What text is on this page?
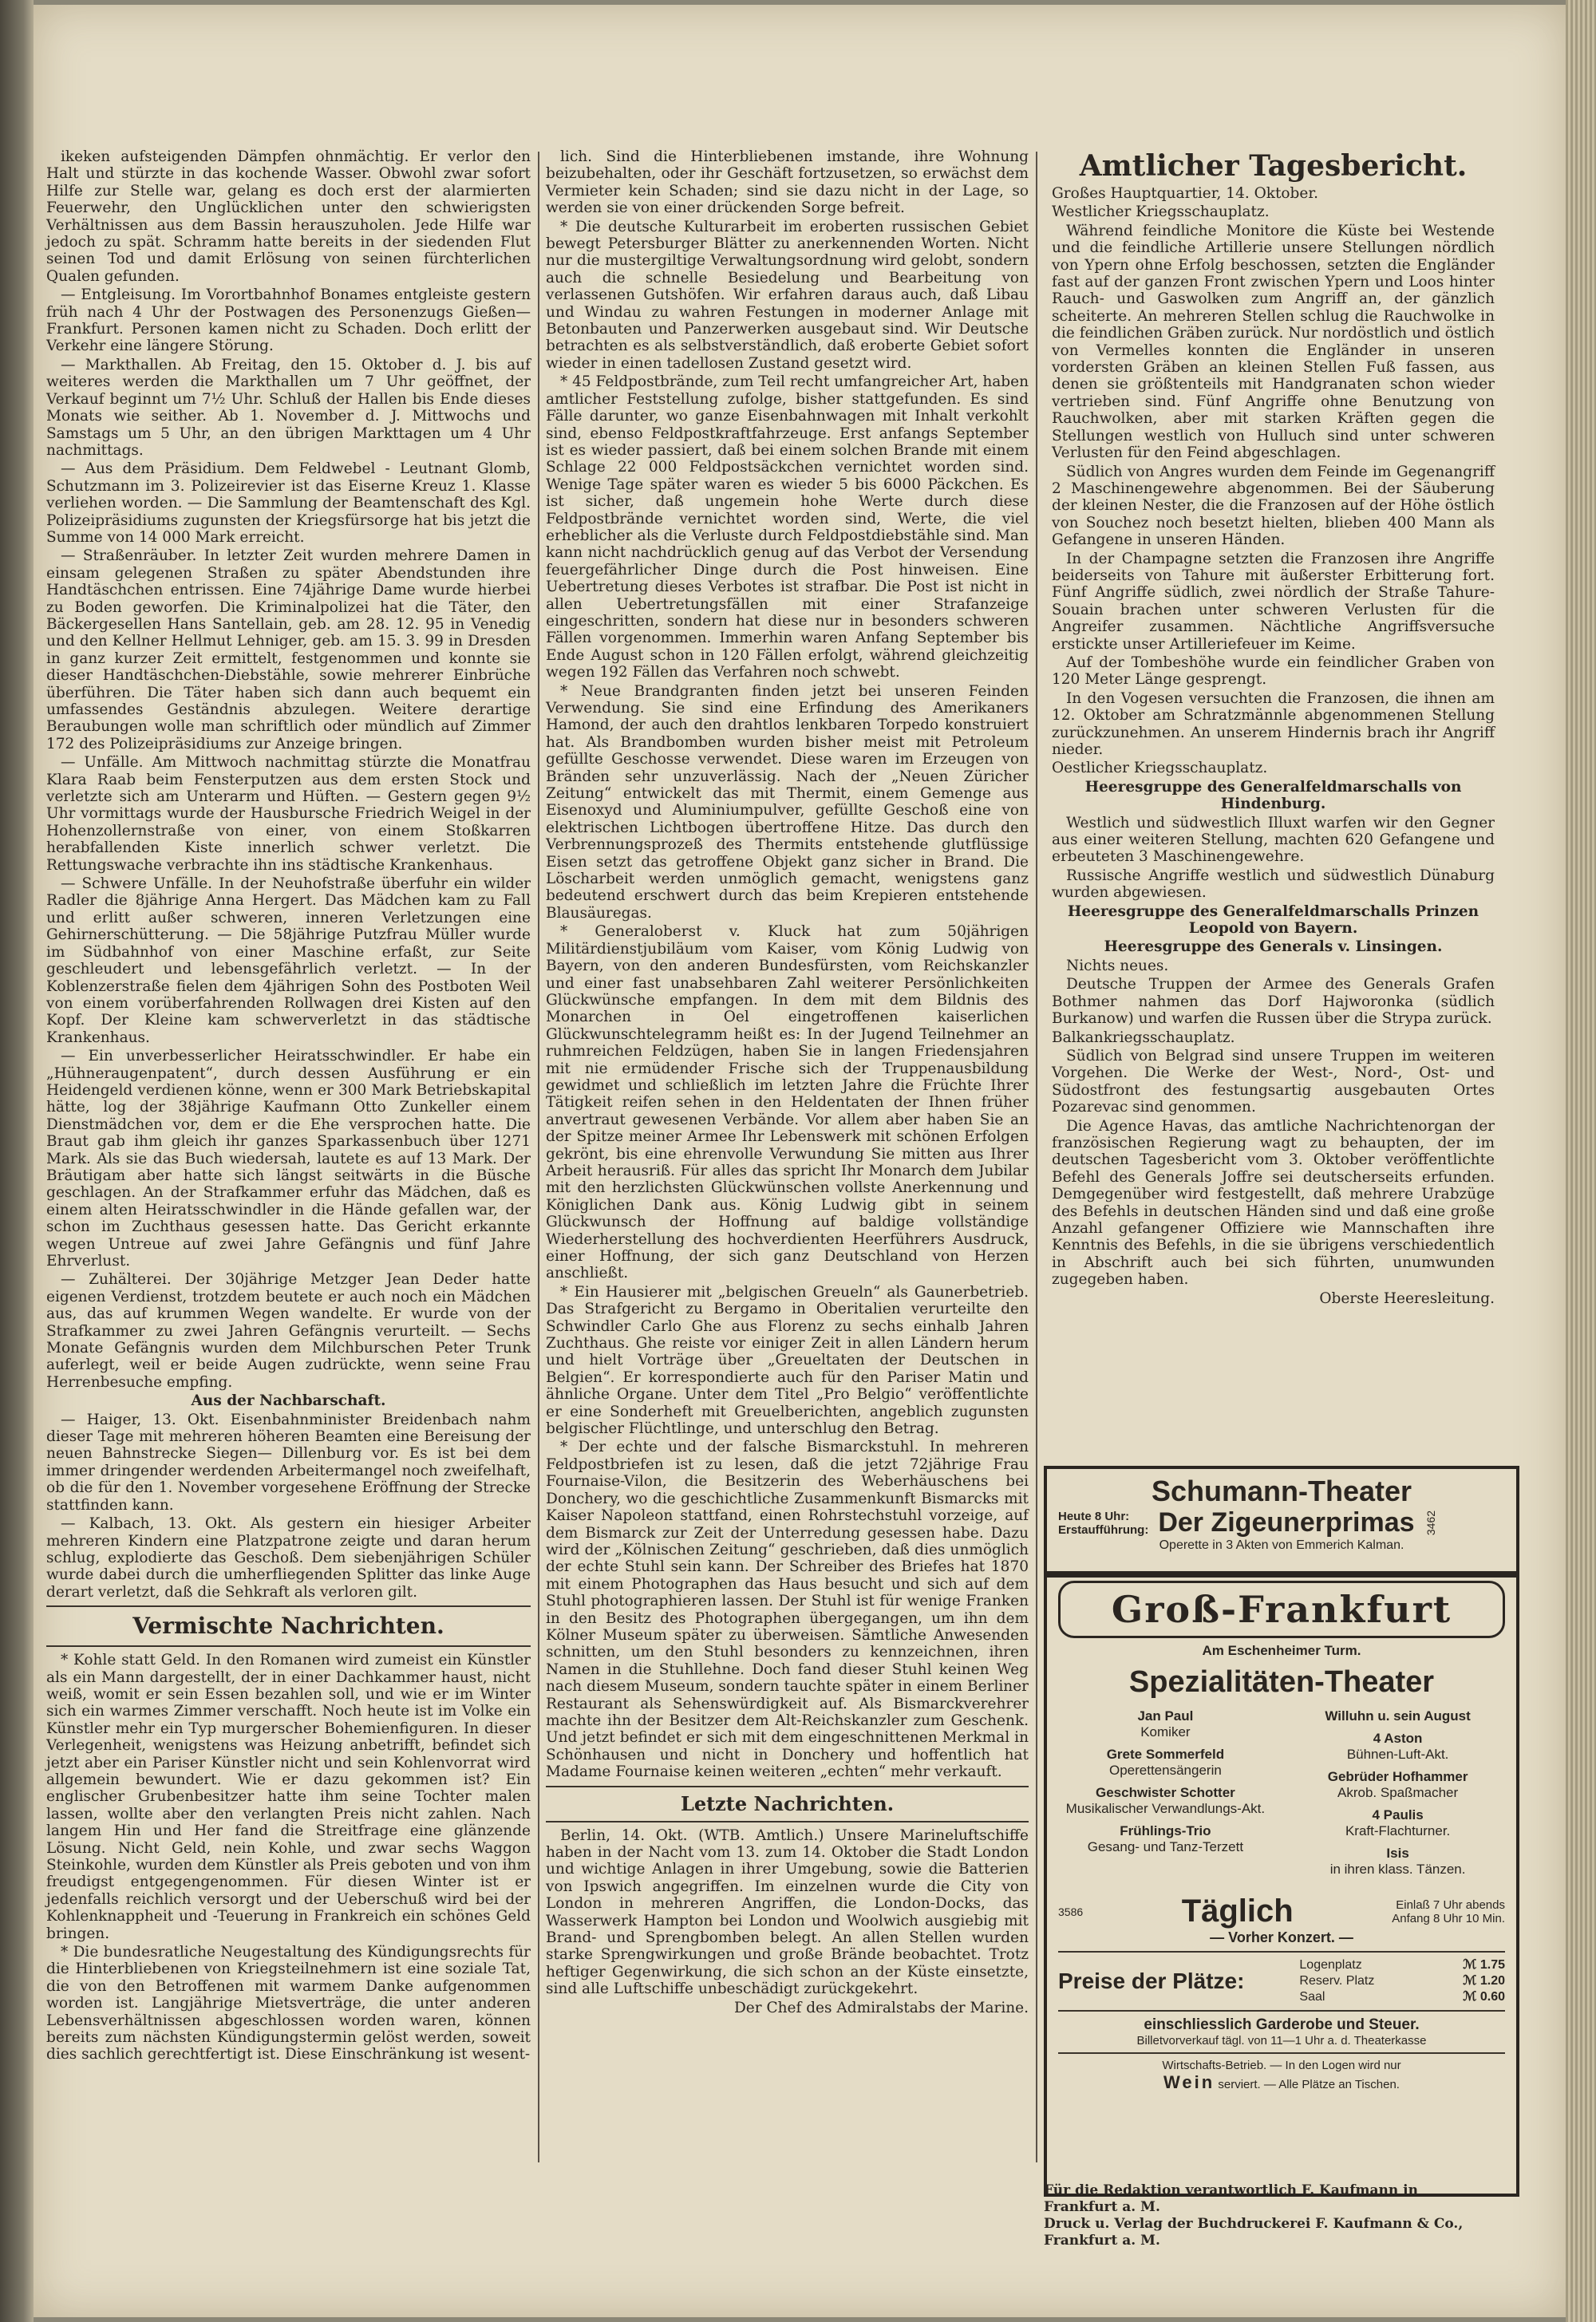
ikeken aufsteigenden Dämpfen ohnmächtig. Er verlor den Halt und stürzte in das kochende Wasser. Obwohl zwar sofort Hilfe zur Stelle war, gelang es doch erst der alarmierten Feuerwehr, den Unglücklichen unter den schwierigsten Verhältnissen aus dem Bassin herauszuholen. Jede Hilfe war jedoch zu spät. Schramm hatte bereits in der siedenden Flut seinen Tod und damit Erlösung von seinen fürchterlichen Qualen gefunden.

— Entgleisung. Im Vorortbahnhof Bonames entgleiste gestern früh nach 4 Uhr der Postwagen des Personenzugs Gießen—Frankfurt. Personen kamen nicht zu Schaden. Doch erlitt der Verkehr eine längere Störung.

— Markthallen. Ab Freitag, den 15. Oktober d. J. bis auf weiteres werden die Markthallen um 7 Uhr geöffnet, der Verkauf beginnt um 7½ Uhr. Schluß der Hallen bis Ende dieses Monats wie seither. Ab 1. November d. J. Mittwochs und Samstags um 5 Uhr, an den übrigen Markttagen um 4 Uhr nachmittags.

— Aus dem Präsidium. Dem Feldwebel - Leutnant Glomb, Schutzmann im 3. Polizeirevier ist das Eiserne Kreuz 1. Klasse verliehen worden. — Die Sammlung der Beamtenschaft des Kgl. Polizeipräsidiums zugunsten der Kriegsfürsorge hat bis jetzt die Summe von 14 000 Mark erreicht.

— Straßenräuber. In letzter Zeit wurden mehrere Damen in einsam gelegenen Straßen zu später Abendstunden ihre Handtäschchen entrissen. Eine 74jährige Dame wurde hierbei zu Boden geworfen. Die Kriminalpolizei hat die Täter, den Bäckergesellen Hans Santellain, geb. am 28. 12. 95 in Venedig und den Kellner Hellmut Lehniger, geb. am 15. 3. 99 in Dresden in ganz kurzer Zeit ermittelt, festgenommen und konnte sie dieser Handtäschchen-Diebstähle, sowie mehrerer Einbrüche überführen. Die Täter haben sich dann auch bequemt ein umfassendes Geständnis abzulegen. Weitere derartige Beraubungen wolle man schriftlich oder mündlich auf Zimmer 172 des Polizeipräsidiums zur Anzeige bringen.

— Unfälle. Am Mittwoch nachmittag stürzte die Monatfrau Klara Raab beim Fensterputzen aus dem ersten Stock und verletzte sich am Unterarm und Hüften. — Gestern gegen 9½ Uhr vormittags wurde der Hausbursche Friedrich Weigel in der Hohenzollernstraße von einer, von einem Stoßkarren herabfallenden Kiste innerlich schwer verletzt. Die Rettungswache verbrachte ihn ins städtische Krankenhaus.

— Schwere Unfälle. In der Neuhofstraße überfuhr ein wilder Radler die 8jährige Anna Hergert. Das Mädchen kam zu Fall und erlitt außer schweren, inneren Verletzungen eine Gehirnerschütterung. — Die 58jährige Putzfrau Müller wurde im Südbahnhof von einer Maschine erfaßt, zur Seite geschleudert und lebensgefährlich verletzt. — In der Koblenzerstraße fielen dem 4jährigen Sohn des Postboten Weil von einem vorüberfahrenden Rollwagen drei Kisten auf den Kopf. Der Kleine kam schwerverletzt in das städtische Krankenhaus.

— Ein unverbesserlicher Heiratsschwindler. Er habe ein „Hühneraugenpatent“, durch dessen Ausführung er ein Heidengeld verdienen könne, wenn er 300 Mark Betriebskapital hätte, log der 38jährige Kaufmann Otto Zunkeller einem Dienstmädchen vor, dem er die Ehe versprochen hatte. Die Braut gab ihm gleich ihr ganzes Sparkassenbuch über 1271 Mark. Als sie das Buch wiedersah, lautete es auf 13 Mark. Der Bräutigam aber hatte sich längst seitwärts in die Büsche geschlagen. An der Strafkammer erfuhr das Mädchen, daß es einem alten Heiratsschwindler in die Hände gefallen war, der schon im Zuchthaus gesessen hatte. Das Gericht erkannte wegen Untreue auf zwei Jahre Gefängnis und fünf Jahre Ehrverlust.

— Zuhälterei. Der 30jährige Metzger Jean Deder hatte eigenen Verdienst, trotzdem beutete er auch noch ein Mädchen aus, das auf krummen Wegen wandelte. Er wurde von der Strafkammer zu zwei Jahren Gefängnis verurteilt. — Sechs Monate Gefängnis wurden dem Milchburschen Peter Trunk auferlegt, weil er beide Augen zudrückte, wenn seine Frau Herrenbesuche empfing.

Aus der Nachbarschaft.

— Haiger, 13. Okt. Eisenbahnminister Breidenbach nahm dieser Tage mit mehreren höheren Beamten eine Bereisung der neuen Bahnstrecke Siegen— Dillenburg vor. Es ist bei dem immer dringender werdenden Arbeitermangel noch zweifelhaft, ob die für den 1. November vorgesehene Eröffnung der Strecke stattfinden kann.

— Kalbach, 13. Okt. Als gestern ein hiesiger Arbeiter mehreren Kindern eine Platzpatrone zeigte und daran herum schlug, explodierte das Geschoß. Dem siebenjährigen Schüler wurde dabei durch die umherfliegenden Splitter das linke Auge derart verletzt, daß die Sehkraft als verloren gilt.

Vermischte Nachrichten.

* Kohle statt Geld. In den Romanen wird zumeist ein Künstler als ein Mann dargestellt, der in einer Dachkammer haust, nicht weiß, womit er sein Essen bezahlen soll, und wie er im Winter sich ein warmes Zimmer verschafft. Noch heute ist im Volke ein Künstler mehr ein Typ murgerscher Bohemienfiguren. In dieser Verlegenheit, wenigstens was Heizung anbetrifft, befindet sich jetzt aber ein Pariser Künstler nicht und sein Kohlenvorrat wird allgemein bewundert. Wie er dazu gekommen ist? Ein englischer Grubenbesitzer hatte ihm seine Tochter malen lassen, wollte aber den verlangten Preis nicht zahlen. Nach langem Hin und Her fand die Streitfrage eine glänzende Lösung. Nicht Geld, nein Kohle, und zwar sechs Waggon Steinkohle, wurden dem Künstler als Preis geboten und von ihm freudigst entgegengenommen. Für diesen Winter ist er jedenfalls reichlich versorgt und der Ueberschuß wird bei der Kohlenknappheit und -Teuerung in Frankreich ein schönes Geld bringen.

* Die bundesratliche Neugestaltung des Kündigungsrechts für die Hinterbliebenen von Kriegsteilnehmern ist eine soziale Tat, die von den Betroffenen mit warmem Danke aufgenommen worden ist. Langjährige Mietsverträge, die unter anderen Lebensverhältnissen abgeschlossen worden waren, können bereits zum nächsten Kündigungstermin gelöst werden, soweit dies sachlich gerechtfertigt ist. Diese Einschränkung ist wesent-

lich. Sind die Hinterbliebenen imstande, ihre Wohnung beizubehalten, oder ihr Geschäft fortzusetzen, so erwächst dem Vermieter kein Schaden; sind sie dazu nicht in der Lage, so werden sie von einer drückenden Sorge befreit.

* Die deutsche Kulturarbeit im eroberten russischen Gebiet bewegt Petersburger Blätter zu anerkennenden Worten. Nicht nur die mustergiltige Verwaltungsordnung wird gelobt, sondern auch die schnelle Besiedelung und Bearbeitung von verlassenen Gutshöfen. Wir erfahren daraus auch, daß Libau und Windau zu wahren Festungen in moderner Anlage mit Betonbauten und Panzerwerken ausgebaut sind. Wir Deutsche betrachten es als selbstverständlich, daß eroberte Gebiet sofort wieder in einen tadellosen Zustand gesetzt wird.

* 45 Feldpostbrände, zum Teil recht umfangreicher Art, haben amtlicher Feststellung zufolge, bisher stattgefunden. Es sind Fälle darunter, wo ganze Eisenbahnwagen mit Inhalt verkohlt sind, ebenso Feldpostkraftfahrzeuge. Erst anfangs September ist es wieder passiert, daß bei einem solchen Brande mit einem Schlage 22 000 Feldpostsäckchen vernichtet worden sind. Wenige Tage später waren es wieder 5 bis 6000 Päckchen. Es ist sicher, daß ungemein hohe Werte durch diese Feldpostbrände vernichtet worden sind, Werte, die viel erheblicher als die Verluste durch Feldpostdiebstähle sind. Man kann nicht nachdrücklich genug auf das Verbot der Versendung feuergefährlicher Dinge durch die Post hinweisen. Eine Uebertretung dieses Verbotes ist strafbar. Die Post ist nicht in allen Uebertretungsfällen mit einer Strafanzeige eingeschritten, sondern hat diese nur in besonders schweren Fällen vorgenommen. Immerhin waren Anfang September bis Ende August schon in 120 Fällen erfolgt, während gleichzeitig wegen 192 Fällen das Verfahren noch schwebt.

* Neue Brandgranten finden jetzt bei unseren Feinden Verwendung. Sie sind eine Erfindung des Amerikaners Hamond, der auch den drahtlos lenkbaren Torpedo konstruiert hat. Als Brandbomben wurden bisher meist mit Petroleum gefüllte Geschosse verwendet. Diese waren im Erzeugen von Bränden sehr unzuverlässig. Nach der „Neuen Züricher Zeitung“ entwickelt das mit Thermit, einem Gemenge aus Eisenoxyd und Aluminiumpulver, gefüllte Geschoß eine von elektrischen Lichtbogen übertroffene Hitze. Das durch den Verbrennungsprozeß des Thermits entstehende glutflüssige Eisen setzt das getroffene Objekt ganz sicher in Brand. Die Löscharbeit werden unmöglich gemacht, wenigstens ganz bedeutend erschwert durch das beim Krepieren entstehende Blausäuregas.

* Generaloberst v. Kluck hat zum 50jährigen Militärdienstjubiläum vom Kaiser, vom König Ludwig von Bayern, von den anderen Bundesfürsten, vom Reichskanzler und einer fast unabsehbaren Zahl weiterer Persönlichkeiten Glückwünsche empfangen. In dem mit dem Bildnis des Monarchen in Oel eingetroffenen kaiserlichen Glückwunschtelegramm heißt es: In der Jugend Teilnehmer an ruhmreichen Feldzügen, haben Sie in langen Friedensjahren mit nie ermüdender Frische sich der Truppenausbildung gewidmet und schließlich im letzten Jahre die Früchte Ihrer Tätigkeit reifen sehen in den Heldentaten der Ihnen früher anvertraut gewesenen Verbände. Vor allem aber haben Sie an der Spitze meiner Armee Ihr Lebenswerk mit schönen Erfolgen gekrönt, bis eine ehrenvolle Verwundung Sie mitten aus Ihrer Arbeit herausriß. Für alles das spricht Ihr Monarch dem Jubilar mit den herzlichsten Glückwünschen vollste Anerkennung und Königlichen Dank aus. König Ludwig gibt in seinem Glückwunsch der Hoffnung auf baldige vollständige Wiederherstellung des hochverdienten Heerführers Ausdruck, einer Hoffnung, der sich ganz Deutschland von Herzen anschließt.

* Ein Hausierer mit „belgischen Greueln“ als Gaunerbetrieb. Das Strafgericht zu Bergamo in Oberitalien verurteilte den Schwindler Carlo Ghe aus Florenz zu sechs einhalb Jahren Zuchthaus. Ghe reiste vor einiger Zeit in allen Ländern herum und hielt Vorträge über „Greueltaten der Deutschen in Belgien“. Er korrespondierte auch für den Pariser Matin und ähnliche Organe. Unter dem Titel „Pro Belgio“ veröffentlichte er eine Sonderheft mit Greuelberichten, angeblich zugunsten belgischer Flüchtlinge, und unterschlug den Betrag.

* Der echte und der falsche Bismarckstuhl. In mehreren Feldpostbriefen ist zu lesen, daß die jetzt 72jährige Frau Fournaise-Vilon, die Besitzerin des Weberhäuschens bei Donchery, wo die geschichtliche Zusammenkunft Bismarcks mit Kaiser Napoleon stattfand, einen Rohrstechstuhl vorzeige, auf dem Bismarck zur Zeit der Unterredung gesessen habe. Dazu wird der „Kölnischen Zeitung“ geschrieben, daß dies unmöglich der echte Stuhl sein kann. Der Schreiber des Briefes hat 1870 mit einem Photographen das Haus besucht und sich auf dem Stuhl photographieren lassen. Der Stuhl ist für wenige Franken in den Besitz des Photographen übergegangen, um ihn dem Kölner Museum später zu überweisen. Sämtliche Anwesenden schnitten, um den Stuhl besonders zu kennzeichnen, ihren Namen in die Stuhllehne. Doch fand dieser Stuhl keinen Weg nach diesem Museum, sondern tauchte später in einem Berliner Restaurant als Sehenswürdigkeit auf. Als Bismarckverehrer machte ihn der Besitzer dem Alt-Reichskanzler zum Geschenk. Und jetzt befindet er sich mit dem eingeschnittenen Merkmal in Schönhausen und nicht in Donchery und hoffentlich hat Madame Fournaise keinen weiteren „echten“ mehr verkauft.

Letzte Nachrichten.

Berlin, 14. Okt. (WTB. Amtlich.) Unsere Marineluftschiffe haben in der Nacht vom 13. zum 14. Oktober die Stadt London und wichtige Anlagen in ihrer Umgebung, sowie die Batterien von Ipswich angegriffen. Im einzelnen wurde die City von London in mehreren Angriffen, die London-Docks, das Wasserwerk Hampton bei London und Woolwich ausgiebig mit Brand- und Sprengbomben belegt. An allen Stellen wurden starke Sprengwirkungen und große Brände beobachtet. Trotz heftiger Gegenwirkung, die sich schon an der Küste einsetzte, sind alle Luftschiffe unbeschädigt zurückgekehrt.

Der Chef des Admiralstabs der Marine.

Amtlicher Tagesbericht.

Großes Hauptquartier, 14. Oktober.

Westlicher Kriegsschauplatz.

Während feindliche Monitore die Küste bei Westende und die feindliche Artillerie unsere Stellungen nördlich von Ypern ohne Erfolg beschossen, setzten die Engländer fast auf der ganzen Front zwischen Ypern und Loos hinter Rauch- und Gaswolken zum Angriff an, der gänzlich scheiterte. An mehreren Stellen schlug die Rauchwolke in die feindlichen Gräben zurück. Nur nordöstlich und östlich von Vermelles konnten die Engländer in unseren vordersten Gräben an kleinen Stellen Fuß fassen, aus denen sie größtenteils mit Handgranaten schon wieder vertrieben sind. Fünf Angriffe ohne Benutzung von Rauchwolken, aber mit starken Kräften gegen die Stellungen westlich von Hulluch sind unter schweren Verlusten für den Feind abgeschlagen.

Südlich von Angres wurden dem Feinde im Gegenangriff 2 Maschinengewehre abgenommen. Bei der Säuberung der kleinen Nester, die die Franzosen auf der Höhe östlich von Souchez noch besetzt hielten, blieben 400 Mann als Gefangene in unseren Händen.

In der Champagne setzten die Franzosen ihre Angriffe beiderseits von Tahure mit äußerster Erbitterung fort. Fünf Angriffe südlich, zwei nördlich der Straße Tahure-Souain brachen unter schweren Verlusten für die Angreifer zusammen. Nächtliche Angriffsversuche erstickte unser Artilleriefeuer im Keime.

Auf der Tombeshöhe wurde ein feindlicher Graben von 120 Meter Länge gesprengt.

In den Vogesen versuchten die Franzosen, die ihnen am 12. Oktober am Schratzmännle abgenommenen Stellung zurückzunehmen. An unserem Hindernis brach ihr Angriff nieder.

Oestlicher Kriegsschauplatz.

Heeresgruppe des Generalfeldmarschalls von Hindenburg.

Westlich und südwestlich Illuxt warfen wir den Gegner aus einer weiteren Stellung, machten 620 Gefangene und erbeuteten 3 Maschinengewehre.

Russische Angriffe westlich und südwestlich Dünaburg wurden abgewiesen.

Heeresgruppe des Generalfeldmarschalls Prinzen Leopold von Bayern.

Heeresgruppe des Generals v. Linsingen.

Nichts neues.

Deutsche Truppen der Armee des Generals Grafen Bothmer nahmen das Dorf Hajworonka (südlich Burkanow) und warfen die Russen über die Strypa zurück.

Balkankriegsschauplatz.

Südlich von Belgrad sind unsere Truppen im weiteren Vorgehen. Die Werke der West-, Nord-, Ost- und Südostfront des festungsartig ausgebauten Ortes Pozarevac sind genommen.

Die Agence Havas, das amtliche Nachrichtenorgan der französischen Regierung wagt zu behaupten, der im deutschen Tagesbericht vom 3. Oktober veröffentlichte Befehl des Generals Joffre sei deutscherseits erfunden. Demgegenüber wird festgestellt, daß mehrere Urabzüge des Befehls in deutschen Händen sind und daß eine große Anzahl gefangener Offiziere wie Mannschaften ihre Kenntnis des Befehls, in die sie übrigens verschiedentlich in Abschrift auch bei sich führten, unumwunden zugegeben haben.

Oberste Heeresleitung.

Schumann-Theater
Heute 8 Uhr:
Erstaufführung: Der Zigeunerprimas 3462
Operette in 3 Akten von Emmerich Kalman.
Groß-Frankfurt
Am Eschenheimer Turm.
Spezialitäten-Theater
Jan Paul
Komiker
Grete Sommerfeld
Operettensängerin
Geschwister Schotter
Musikalischer Verwandlungs-Akt.
Frühlings-Trio
Gesang- und Tanz-Terzett
Willuhn u. sein August
4 Aston
Bühnen-Luft-Akt.
Gebrüder Hofhammer
Akrob. Spaßmacher
4 Paulis
Kraft-Flachturner.
Isis
in ihren klass. Tänzen.
3586	Täglich	Einlaß 7 Uhr abends
Anfang 8 Uhr 10 Min.
— Vorher Konzert. —
Preise der Plätze:
Logenplatz	ℳ 1.75
Reserv. Platz	ℳ 1.20
Saal	ℳ 0.60
einschliesslich Garderobe und Steuer.
Billetvorverkauf tägl. von 11—1 Uhr a. d. Theaterkasse
Wirtschafts-Betrieb. — In den Logen wird nur
Wein serviert. — Alle Plätze an Tischen.
Für die Redaktion verantwortlich F. Kaufmann in Frankfurt a. M.
Druck u. Verlag der Buchdruckerei F. Kaufmann & Co., Frankfurt a. M.
